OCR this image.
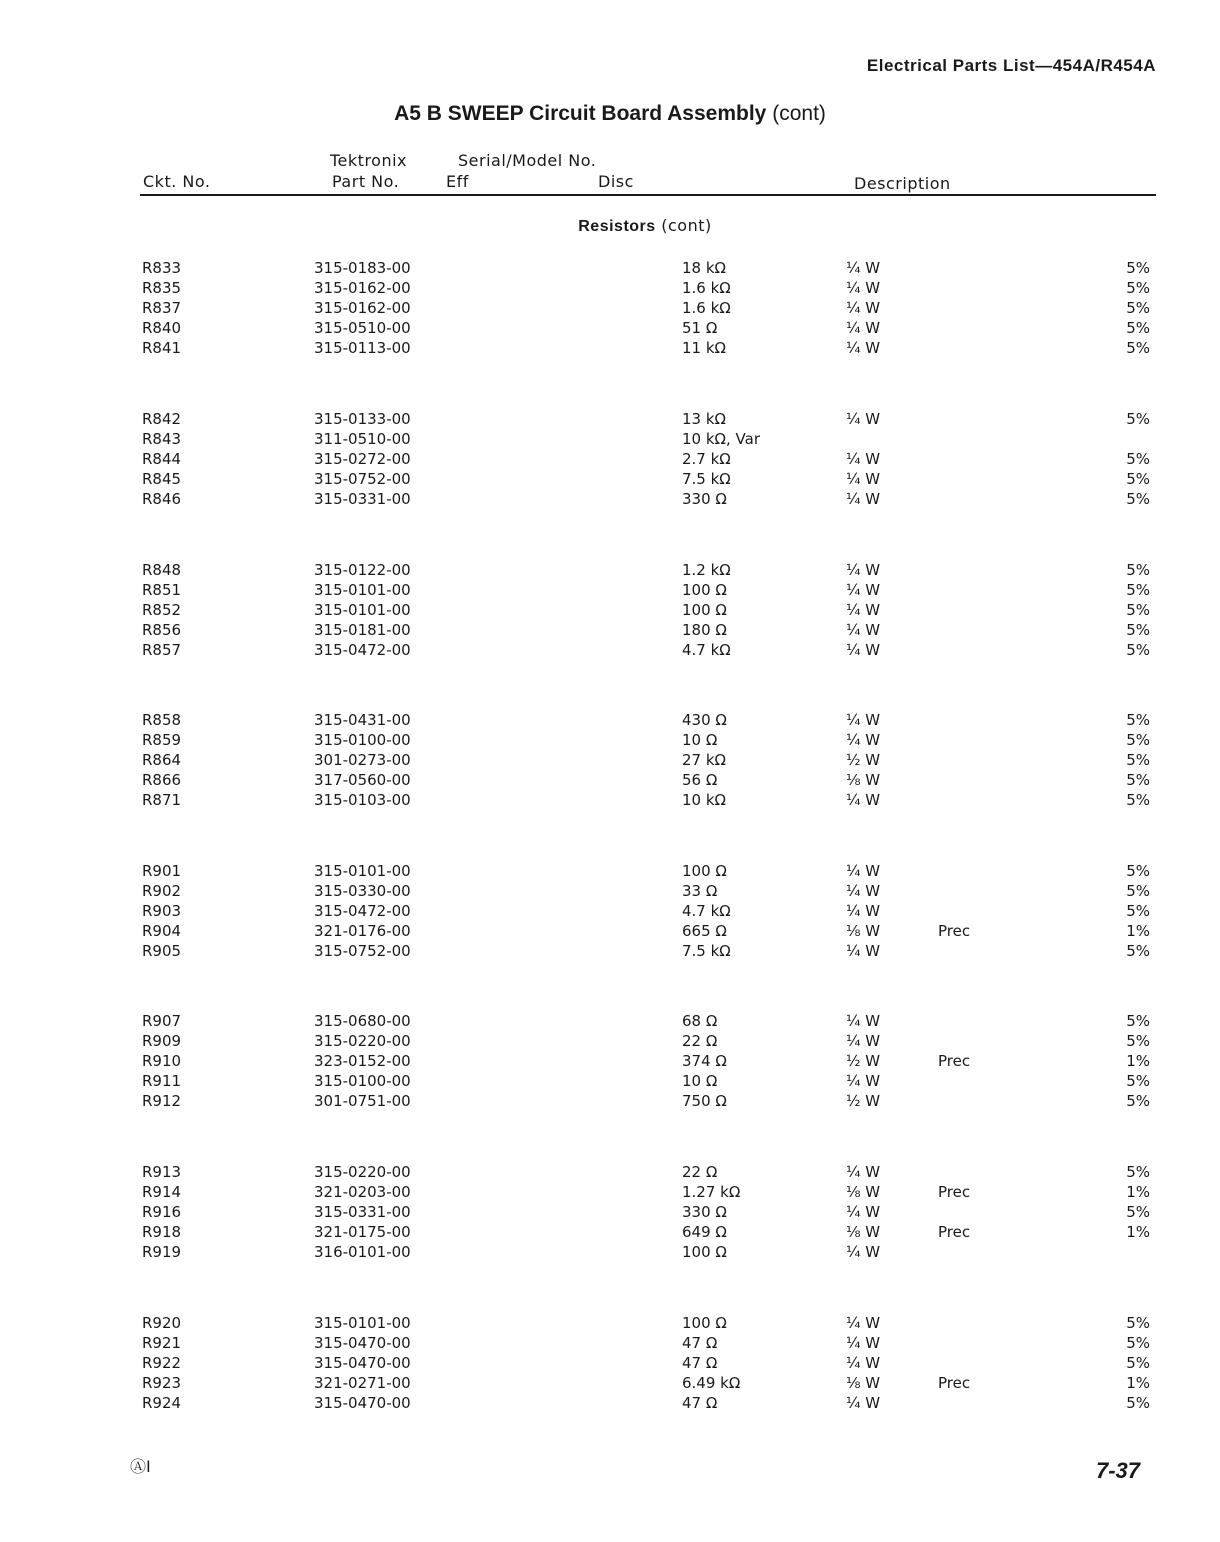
Electrical Parts List—454A/R454A
A5 B SWEEP Circuit Board Assembly (cont)
Ckt. No.
Tektronix
Part No.
Serial/Model No.
Eff	Disc	Description
Resistors (cont)
R833	315-0183-00	18 kΩ	¼ W	5%
R835	315-0162-00	1.6 kΩ	¼ W	5%
R837	315-0162-00	1.6 kΩ	¼ W	5%
R840	315-0510-00	51 Ω	¼ W	5%
R841	315-0113-00	11 kΩ	¼ W	5%
R842	315-0133-00	13 kΩ	¼ W	5%
R843	311-0510-00	10 kΩ, Var
R844	315-0272-00	2.7 kΩ	¼ W	5%
R845	315-0752-00	7.5 kΩ	¼ W	5%
R846	315-0331-00	330 Ω	¼ W	5%
R848	315-0122-00	1.2 kΩ	¼ W	5%
R851	315-0101-00	100 Ω	¼ W	5%
R852	315-0101-00	100 Ω	¼ W	5%
R856	315-0181-00	180 Ω	¼ W	5%
R857	315-0472-00	4.7 kΩ	¼ W	5%
R858	315-0431-00	430 Ω	¼ W	5%
R859	315-0100-00	10 Ω	¼ W	5%
R864	301-0273-00	27 kΩ	½ W	5%
R866	317-0560-00	56 Ω	⅛ W	5%
R871	315-0103-00	10 kΩ	¼ W	5%
R901	315-0101-00	100 Ω	¼ W	5%
R902	315-0330-00	33 Ω	¼ W	5%
R903	315-0472-00	4.7 kΩ	¼ W	5%
R904	321-0176-00	665 Ω	⅛ W	Prec	1%
R905	315-0752-00	7.5 kΩ	¼ W	5%
R907	315-0680-00	68 Ω	¼ W	5%
R909	315-0220-00	22 Ω	¼ W	5%
R910	323-0152-00	374 Ω	½ W	Prec	1%
R911	315-0100-00	10 Ω	¼ W	5%
R912	301-0751-00	750 Ω	½ W	5%
R913	315-0220-00	22 Ω	¼ W	5%
R914	321-0203-00	1.27 kΩ	⅛ W	Prec	1%
R916	315-0331-00	330 Ω	¼ W	5%
R918	321-0175-00	649 Ω	⅛ W	Prec	1%
R919	316-0101-00	100 Ω	¼ W
R920	315-0101-00	100 Ω	¼ W	5%
R921	315-0470-00	47 Ω	¼ W	5%
R922	315-0470-00	47 Ω	¼ W	5%
R923	321-0271-00	6.49 kΩ	⅛ W	Prec	1%
R924	315-0470-00	47 Ω	¼ W	5%
ⒶI	7-37
